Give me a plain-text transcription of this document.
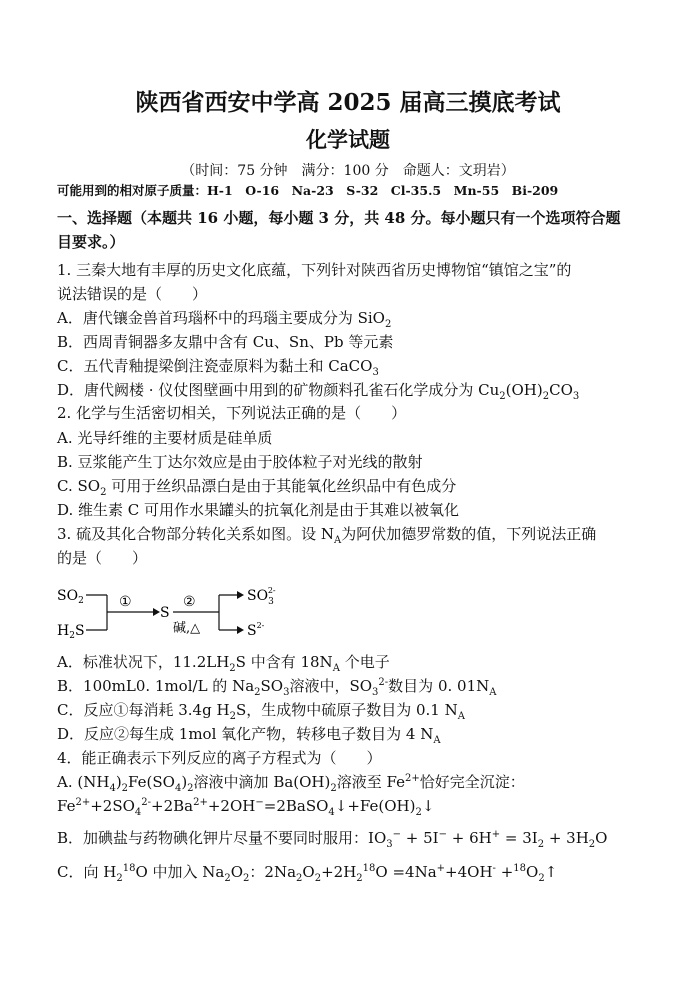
陕西省西安中学高 2025 届高三摸底考试
化学试题
（时间：75 分钟　满分：100 分　命题人：文玥岩）
可能用到的相对原子质量：H-1　O-16　Na-23　S-32　Cl-35.5　Mn-55　Bi-209
一、选择题（本题共 16 小题，每小题 3 分，共 48 分。每小题只有一个选项符合题
目要求。）
1. 三秦大地有丰厚的历史文化底蕴，下列针对陕西省历史博物馆“镇馆之宝”的
说法错误的是（　　）
A．唐代镶金兽首玛瑙杯中的玛瑙主要成分为 SiO$_2$
B．西周青铜器多友鼎中含有 Cu、Sn、Pb 等元素
C．五代青釉提梁倒注瓷壶原料为黏土和 CaCO$_3$
D．唐代阙楼 · 仪仗图壁画中用到的矿物颜料孔雀石化学成分为 $Cu_2(OH)_2CO_3$
2. 化学与生活密切相关，下列说法正确的是（　　）
A. 光导纤维的主要材质是硅单质
B. 豆浆能产生丁达尔效应是由于胶体粒子对光线的散射
C. $SO_2$ 可用于丝织品漂白是由于其能氧化丝织品中有色成分
D. 维生素 C 可用作水果罐头的抗氧化剂是由于其难以被氧化
3. 硫及其化合物部分转化关系如图。设 $N_A$为阿伏加德罗常数的值，下列说法正确
的是（　　）
$SO_2$
$H_2S$
①
S
②
碱,△
$SO_32-$
$S^{2-}$
A．标准状况下，$11.2LH_2S$ 中含有 $18N_A$ 个电子
B．100mL0. 1mol/L 的 $Na_2SO_3$溶液中，$SO_3^{2-}$数目为 0. $01N_A$
C．反应①每消耗 3.4g $H_2S$，生成物中硫原子数目为 0.1 $N_A$
D．反应②每生成 1mol 氧化产物，转移电子数目为 4 $N_A$
4．能正确表示下列反应的离子方程式为（　　）
A. $(NH_4)_2Fe(SO_4)_2$溶液中滴加 $Ba(OH)_2$溶液至 $Fe^{2+}$恰好完全沉淀：
$Fe^{2+}+2SO_4^{2-}+2Ba^{2+}+2OH^-=2BaSO_4↓+Fe(OH)_2↓$
B．加碘盐与药物碘化钾片尽量不要同时服用：$IO_3^- + 5I^- + 6H^+ = 3I_2 + 3H_2O$
C．向 $H_2^{18}O$ 中加入 $Na_2O_2$：$2Na_2O_2+2H_2^{18}O =4Na^++4OH^-$ $+^{18}O_2↑$
